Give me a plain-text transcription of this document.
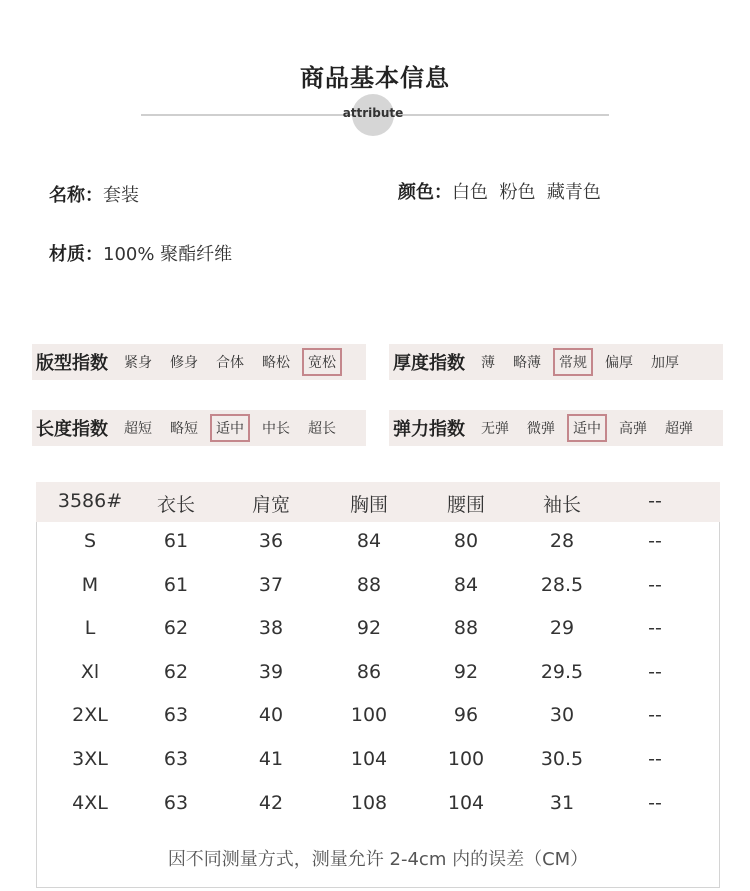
商品基本信息
attribute
名称：套装	颜色：白色  粉色  藏青色
材质：100% 聚酯纤维
版型指数	紧身	修身	合体	略松	宽松	厚度指数	薄	略薄	常规	偏厚	加厚
长度指数	超短	略短	适中	中长	超长	弹力指数	无弹	微弹	适中	高弹	超弹
3586# 衣长	肩宽	胸围	腰围	袖长	--
S	61	36	84	80	28	--
M	61	37	88	84	28.5	--
L	62	38	92	88	29	--
Xl	62	39	86	92	29.5	--
2XL	63	40	100	96	30	--
3XL	63	41	104	100	30.5	--
4XL	63	42	108	104	31	--
因不同测量方式，测量允许 2-4cm 内的误差（CM）
